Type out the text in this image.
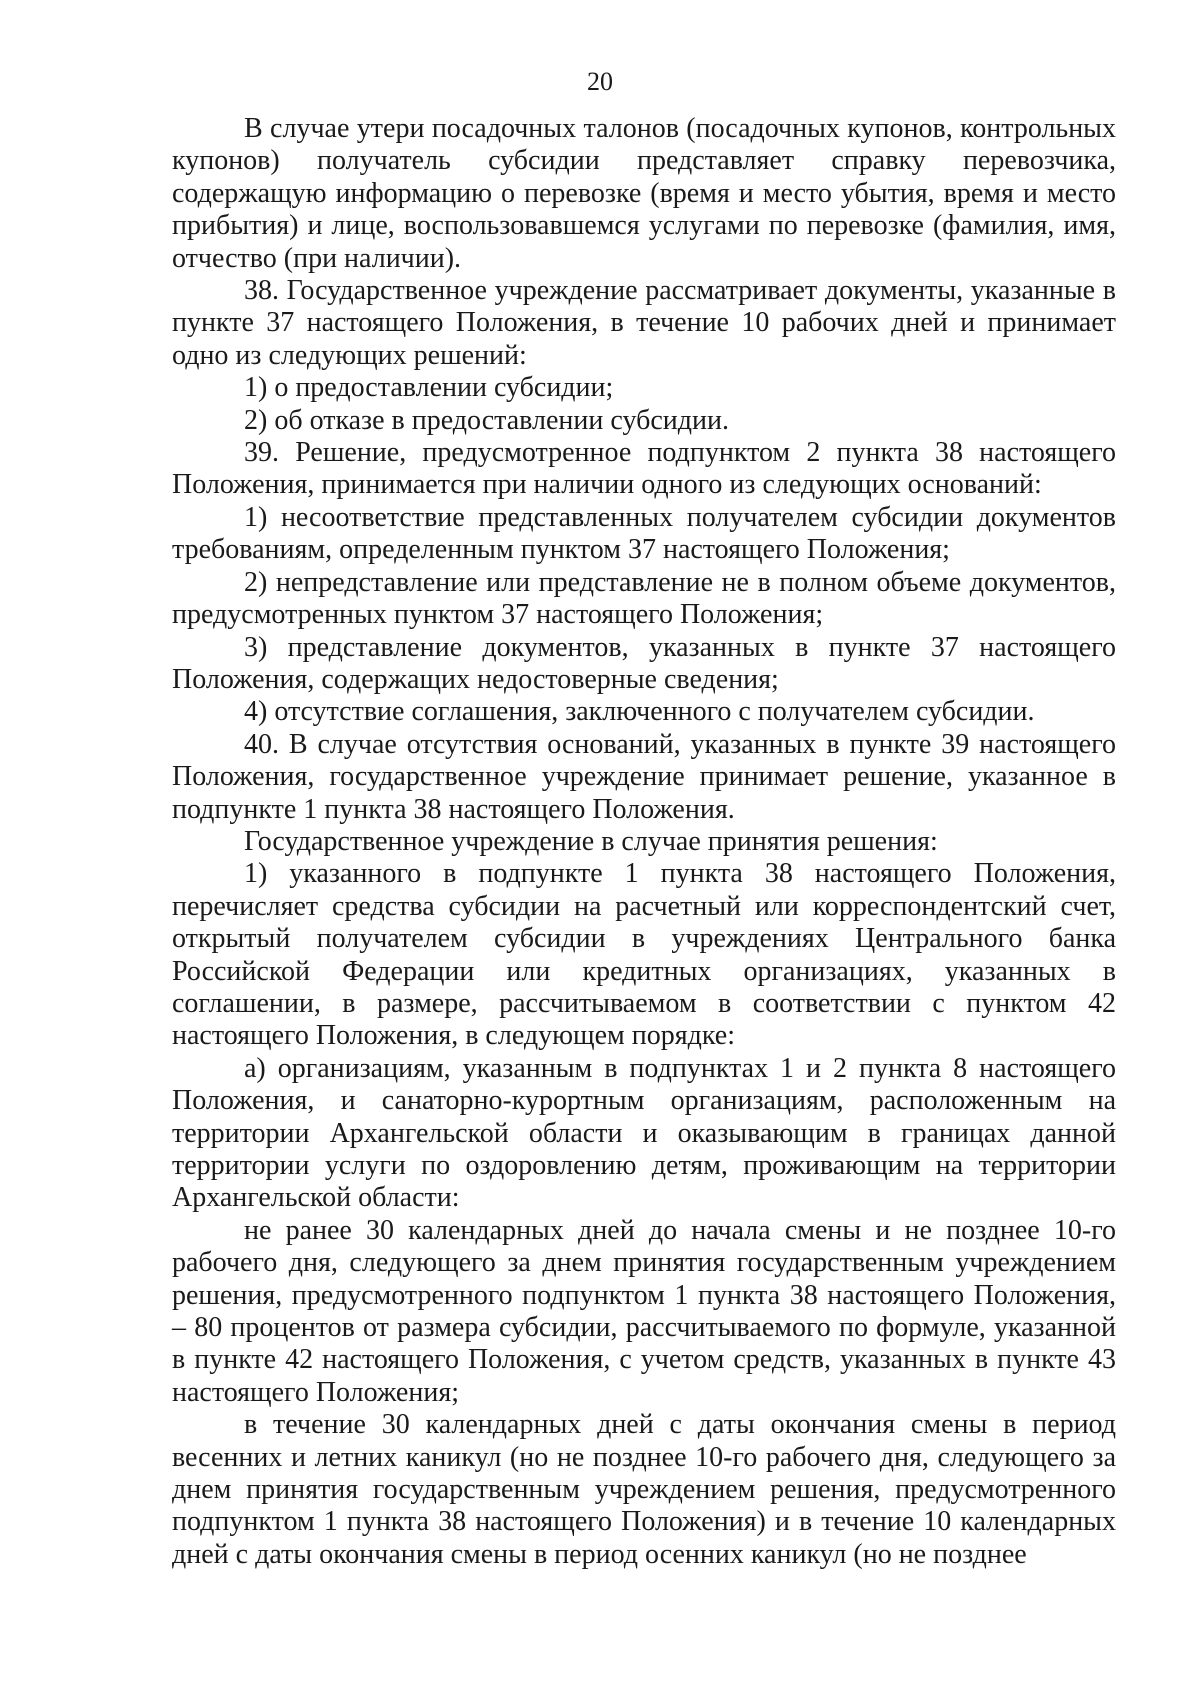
20

В случае утери посадочных талонов (посадочных купонов, контрольных купонов) получатель субсидии представляет справку перевозчика, содержащую информацию о перевозке (время и место убытия, время и место прибытия) и лице, воспользовавшемся услугами по перевозке (фамилия, имя, отчество (при наличии).

38. Государственное учреждение рассматривает документы, указанные в пункте 37 настоящего Положения, в течение 10 рабочих дней и принимает одно из следующих решений:

1) о предоставлении субсидии;

2) об отказе в предоставлении субсидии.

39. Решение, предусмотренное подпунктом 2 пункта 38 настоящего Положения, принимается при наличии одного из следующих оснований:

1) несоответствие представленных получателем субсидии документов требованиям, определенным пунктом 37 настоящего Положения;

2) непредставление или представление не в полном объеме документов, предусмотренных пунктом 37 настоящего Положения;

3) представление документов, указанных в пункте 37 настоящего Положения, содержащих недостоверные сведения;

4) отсутствие соглашения, заключенного с получателем субсидии.

40. В случае отсутствия оснований, указанных в пункте 39 настоящего Положения, государственное учреждение принимает решение, указанное в подпункте 1 пункта 38 настоящего Положения.

Государственное учреждение в случае принятия решения:

1) указанного в подпункте 1 пункта 38 настоящего Положения, перечисляет средства субсидии на расчетный или корреспондентский счет, открытый получателем субсидии в учреждениях Центрального банка Российской Федерации или кредитных организациях, указанных в соглашении, в размере, рассчитываемом в соответствии с пунктом 42 настоящего Положения, в следующем порядке:

а) организациям, указанным в подпунктах 1 и 2 пункта 8 настоящего Положения, и санаторно-курортным организациям, расположенным на территории Архангельской области и оказывающим в границах данной территории услуги по оздоровлению детям, проживающим на территории Архангельской области:

не ранее 30 календарных дней до начала смены и не позднее 10-го рабочего дня, следующего за днем принятия государственным учреждением решения, предусмотренного подпунктом 1 пункта 38 настоящего Положения, – 80 процентов от размера субсидии, рассчитываемого по формуле, указанной в пункте 42 настоящего Положения, с учетом средств, указанных в пункте 43 настоящего Положения;

в течение 30 календарных дней с даты окончания смены в период весенних и летних каникул (но не позднее 10-го рабочего дня, следующего за днем принятия государственным учреждением решения, предусмотренного подпунктом 1 пункта 38 настоящего Положения) и в течение 10 календарных дней с даты окончания смены в период осенних каникул (но не позднее
